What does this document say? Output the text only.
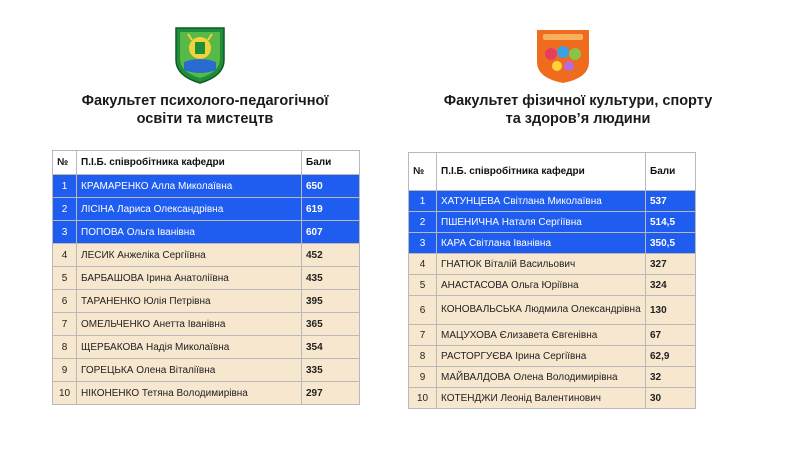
Факультет психолого-педагогічної
освіти та мистецтв
№	П.І.Б. співробітника кафедри	Бали
1	КРАМАРЕНКО Алла Миколаївна	650
2	ЛІСІНА Лариса Олександрівна	619
3	ПОПОВА Ольга Іванівна	607
4	ЛЕСИК Анжеліка Сергіївна	452
5	БАРБАШОВА Ірина Анатоліївна	435
6	ТАРАНЕНКО Юлія Петрівна	395
7	ОМЕЛЬЧЕНКО Анетта Іванівна	365
8	ЩЕРБАКОВА Надія Миколаївна	354
9	ГОРЕЦЬКА Олена Віталіївна	335
10	НІКОНЕНКО Тетяна Володимирівна	297
Факультет фізичної культури, спорту
та здоров’я людини
№	П.І.Б. співробітника кафедри	Бали
1	ХАТУНЦЕВА Світлана Миколаївна	537
2	ПШЕНИЧНА Наталя Сергіївна	514,5
3	КАРА Світлана Іванівна	350,5
4	ГНАТЮК Віталій Васильович	327
5	АНАСТАСОВА Ольга Юріївна	324
6	КОНОВАЛЬСЬКА Людмила Олександрівна	130
7	МАЦУХОВА Єлизавета Євгенівна	67
8	РАСТОРГУЄВА Ірина Сергіївна	62,9
9	МАЙВАЛДОВА Олена Володимирівна	32
10	КОТЕНДЖИ Леонід Валентинович	30
